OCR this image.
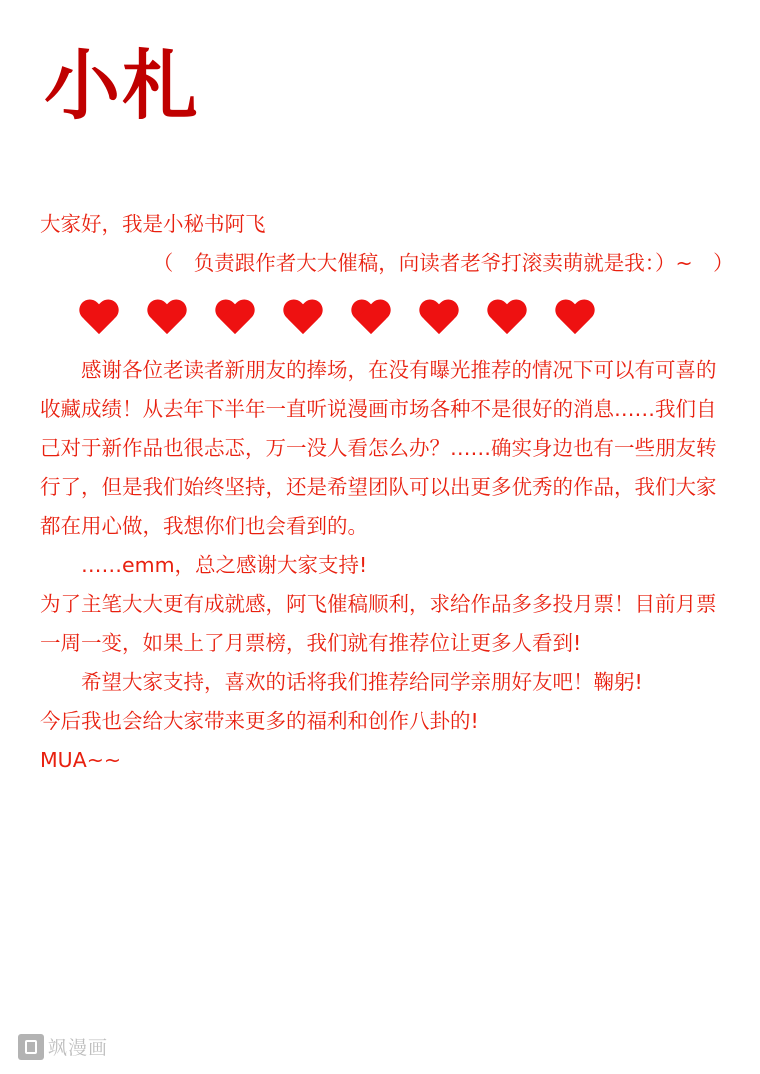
小札

大家好，我是小秘书阿飞

　　　　　　（　负责跟作者大大催稿，向读者老爷打滚卖萌就是我：）~　）

感谢各位老读者新朋友的捧场，在没有曝光推荐的情况下可以有可喜的收藏成绩！从去年下半年一直听说漫画市场各种不是很好的消息……我们自己对于新作品也很忐忑，万一没人看怎么办？……确实身边也有一些朋友转行了，但是我们始终坚持，还是希望团队可以出更多优秀的作品，我们大家都在用心做，我想你们也会看到的。

……emm，总之感谢大家支持!

为了主笔大大更有成就感，阿飞催稿顺利，求给作品多多投月票！目前月票一周一变，如果上了月票榜，我们就有推荐位让更多人看到!

希望大家支持，喜欢的话将我们推荐给同学亲朋好友吧！鞠躬!

今后我也会给大家带来更多的福利和创作八卦的!

MUA~~

飒漫画
